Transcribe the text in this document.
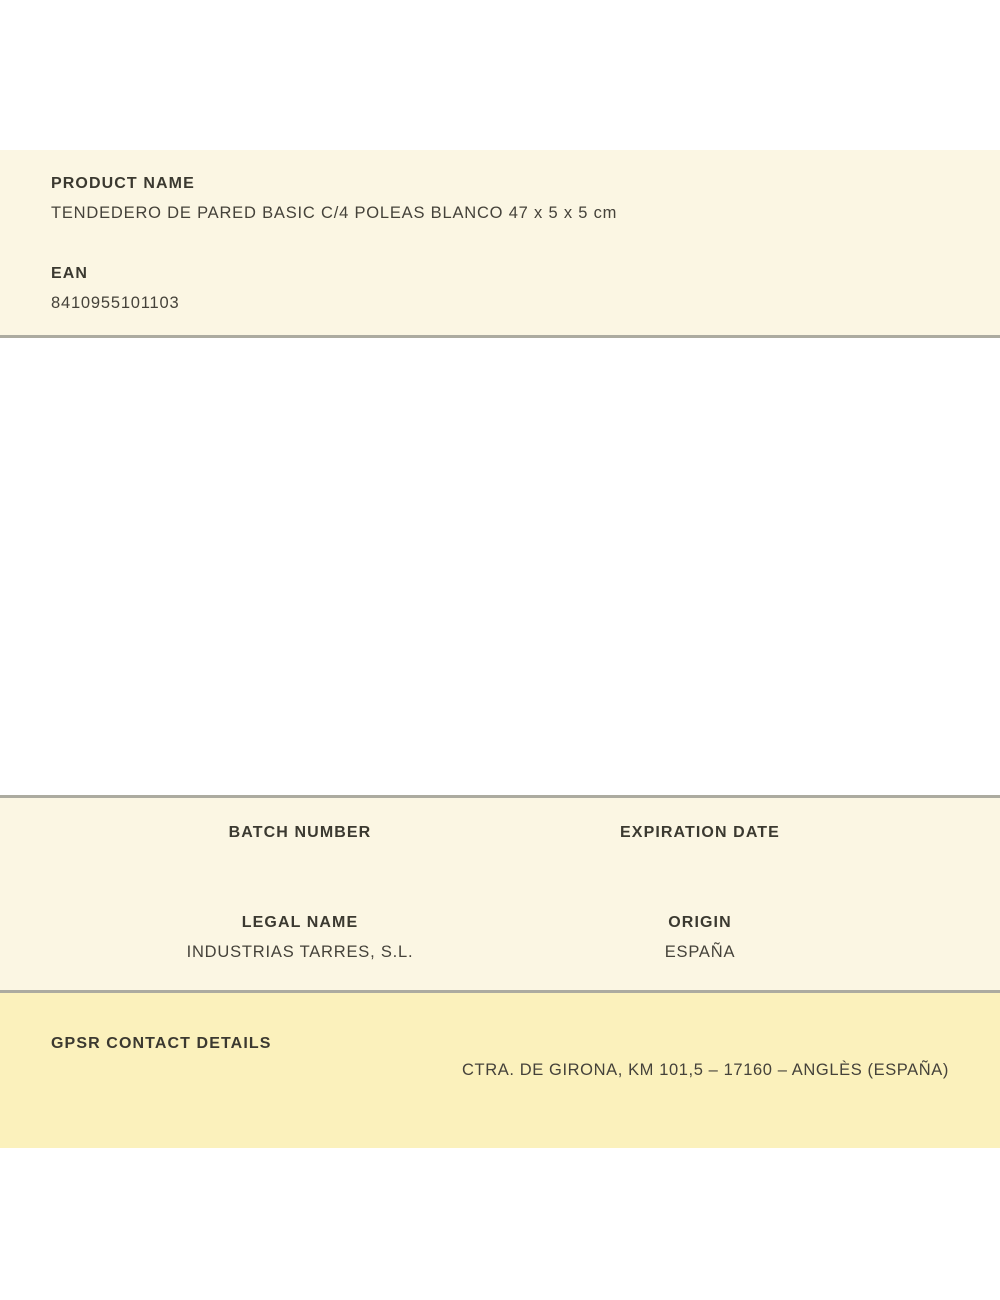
PRODUCT NAME
TENDEDERO DE PARED BASIC C/4 POLEAS BLANCO 47 x 5 x 5 cm
EAN
8410955101103
BATCH NUMBER	EXPIRATION DATE
LEGAL NAME
INDUSTRIAS TARRES, S.L.
ORIGIN
ESPAÑA
GPSR CONTACT DETAILS
CTRA. DE GIRONA, KM 101,5 – 17160 – ANGLÈS (ESPAÑA)
